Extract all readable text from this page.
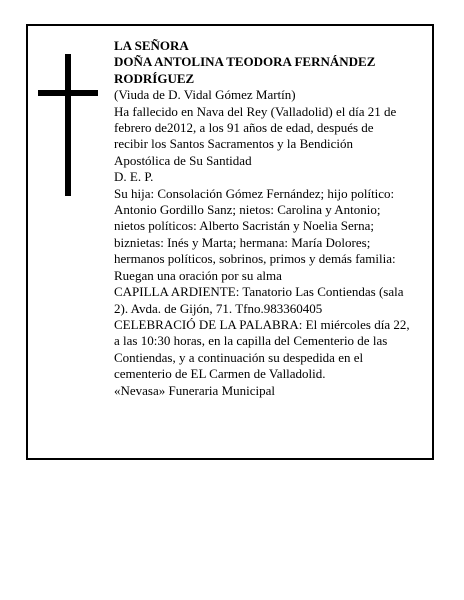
LA SEÑORA

DOÑA ANTOLINA TEODORA FERNÁNDEZ

RODRÍGUEZ

(Viuda de D. Vidal Gómez Martín)

Ha fallecido en Nava del Rey (Valladolid) el día 21 de febrero de2012, a los 91 años de edad, después de recibir los Santos Sacramentos y la Bendición Apostólica de Su Santidad

D. E. P.

Su hija: Consolación Gómez Fernández; hijo político: Antonio Gordillo Sanz; nietos: Carolina y Antonio; nietos políticos: Alberto Sacristán y Noelia Serna; biznietas: Inés y Marta; hermana: María Dolores; hermanos políticos, sobrinos, primos y demás familia:

Ruegan una oración por su alma

CAPILLA ARDIENTE: Tanatorio Las Contiendas (sala 2). Avda. de Gijón, 71. Tfno.983360405

CELEBRACIÓ DE LA PALABRA: El miércoles día 22, a las 10:30 horas, en la capilla del Cementerio de las Contiendas, y a continuación su despedida en el cementerio de EL Carmen de Valladolid.

«Nevasa» Funeraria Municipal
